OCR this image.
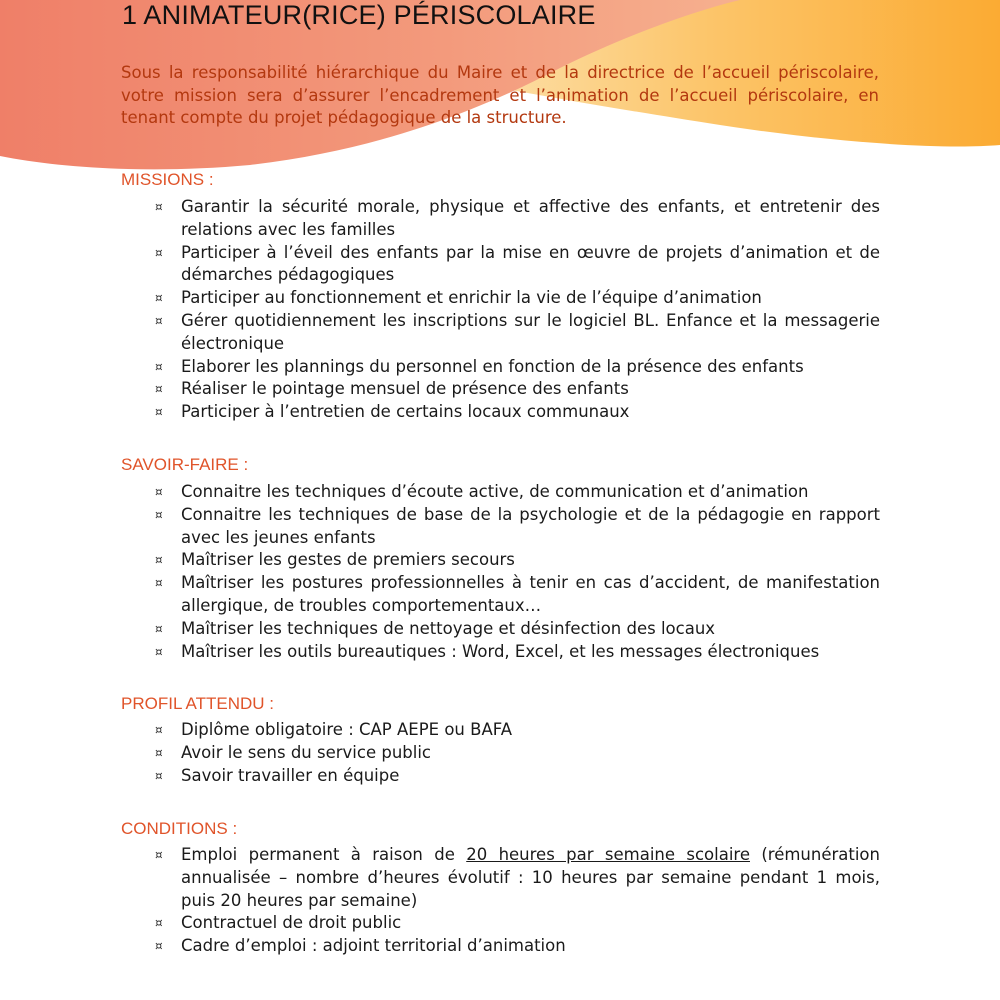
1 ANIMATEUR(RICE) PÉRISCOLAIRE

Sous la responsabilité hiérarchique du Maire et de la directrice de l’accueil périscolaire, votre mission sera d’assurer l’encadrement et l’animation de l’accueil périscolaire, en tenant compte du projet pédagogique de la structure.

MISSIONS :
¤	Garantir la sécurité morale, physique et affective des enfants, et entretenir des relations avec les familles
¤	Participer à l’éveil des enfants par la mise en œuvre de projets d’animation et de démarches pédagogiques
¤	Participer au fonctionnement et enrichir la vie de l’équipe d’animation
¤	Gérer quotidiennement les inscriptions sur le logiciel BL. Enfance et la messagerie électronique
¤	Elaborer les plannings du personnel en fonction de la présence des enfants
¤	Réaliser le pointage mensuel de présence des enfants
¤	Participer à l’entretien de certains locaux communaux
SAVOIR-FAIRE :
¤	Connaitre les techniques d’écoute active, de communication et d’animation
¤	Connaitre les techniques de base de la psychologie et de la pédagogie en rapport avec les jeunes enfants
¤	Maîtriser les gestes de premiers secours
¤	Maîtriser les postures professionnelles à tenir en cas d’accident, de manifestation allergique, de troubles comportementaux…
¤	Maîtriser les techniques de nettoyage et désinfection des locaux
¤	Maîtriser les outils bureautiques : Word, Excel, et les messages électroniques
PROFIL ATTENDU :
¤	Diplôme obligatoire : CAP AEPE ou BAFA
¤	Avoir le sens du service public
¤	Savoir travailler en équipe
CONDITIONS :
¤	Emploi permanent à raison de 20 heures par semaine scolaire (rémunération annualisée – nombre d’heures évolutif : 10 heures par semaine pendant 1 mois, puis 20 heures par semaine)
¤	Contractuel de droit public
¤	Cadre d’emploi : adjoint territorial d’animation
